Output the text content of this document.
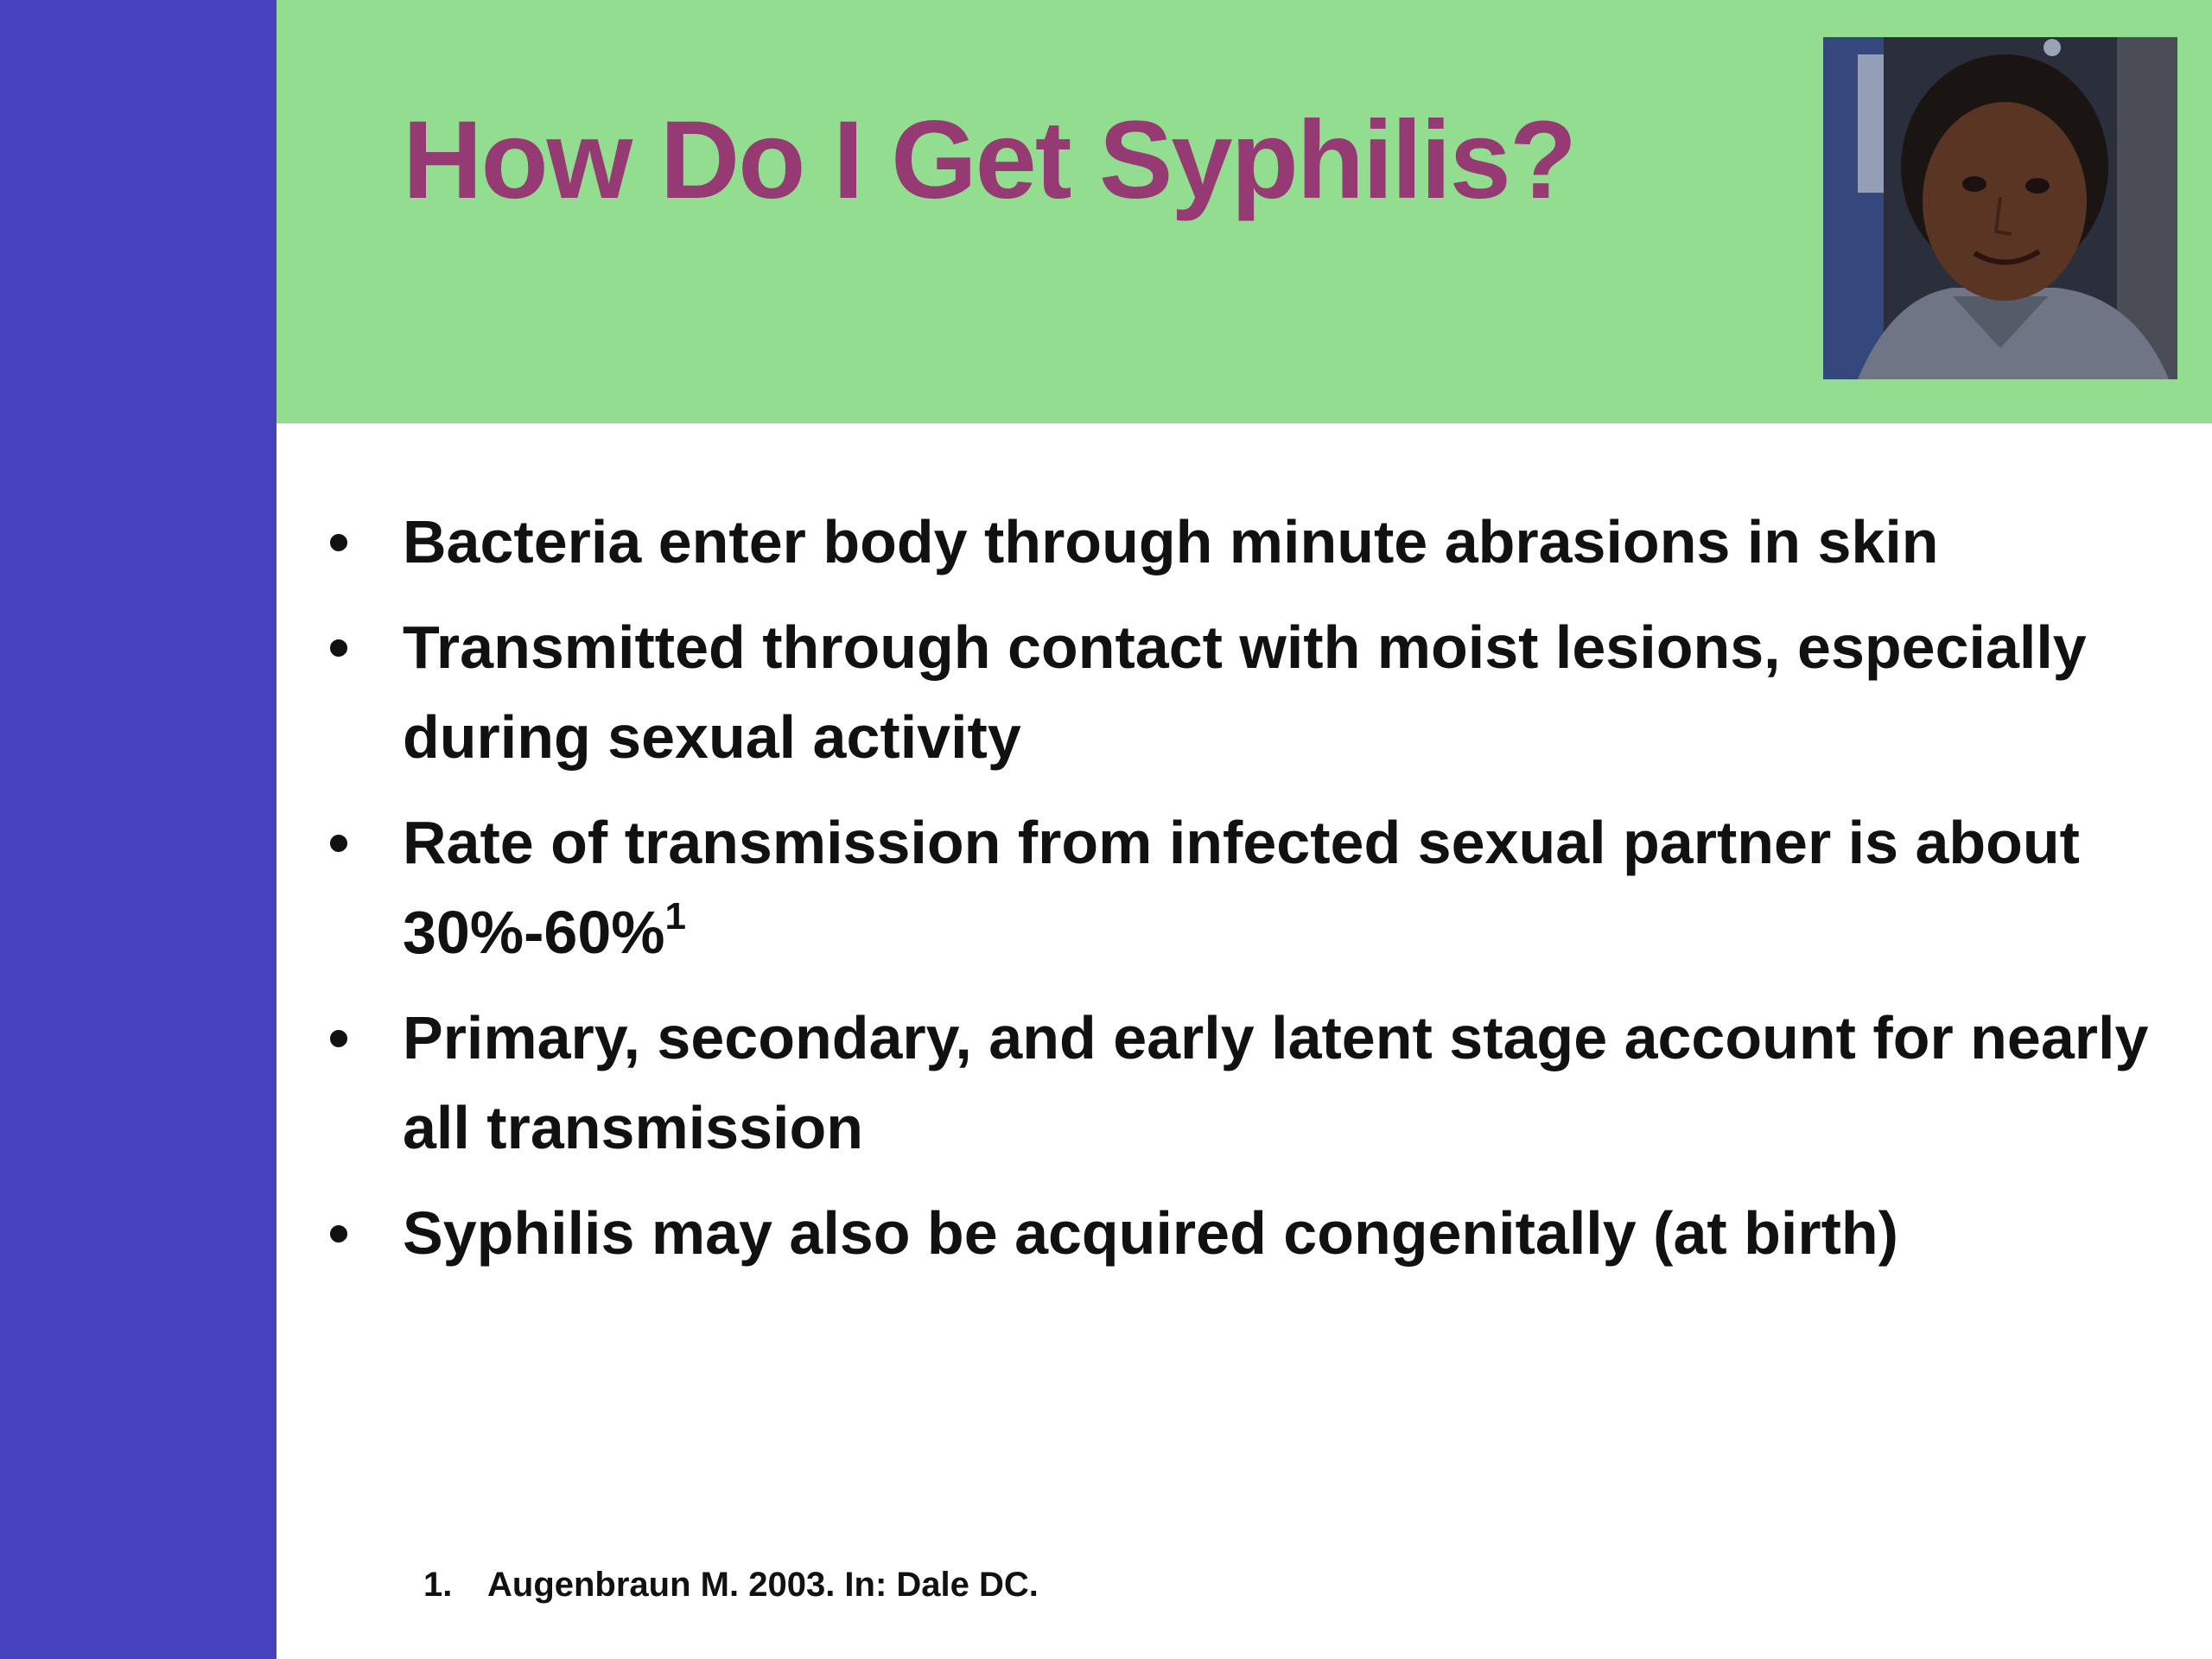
How Do I Get Syphilis?
• Bacteria enter body through minute abrasions in skin
• Transmitted through contact with moist lesions, especially during sexual activity
• Rate of transmission from infected sexual partner is about 30%-60%$^1$
• Primary, secondary, and early latent stage account for nearly all transmission
• Syphilis may also be acquired congenitally (at birth)
1. Augenbraun M. 2003. In: Dale DC.
